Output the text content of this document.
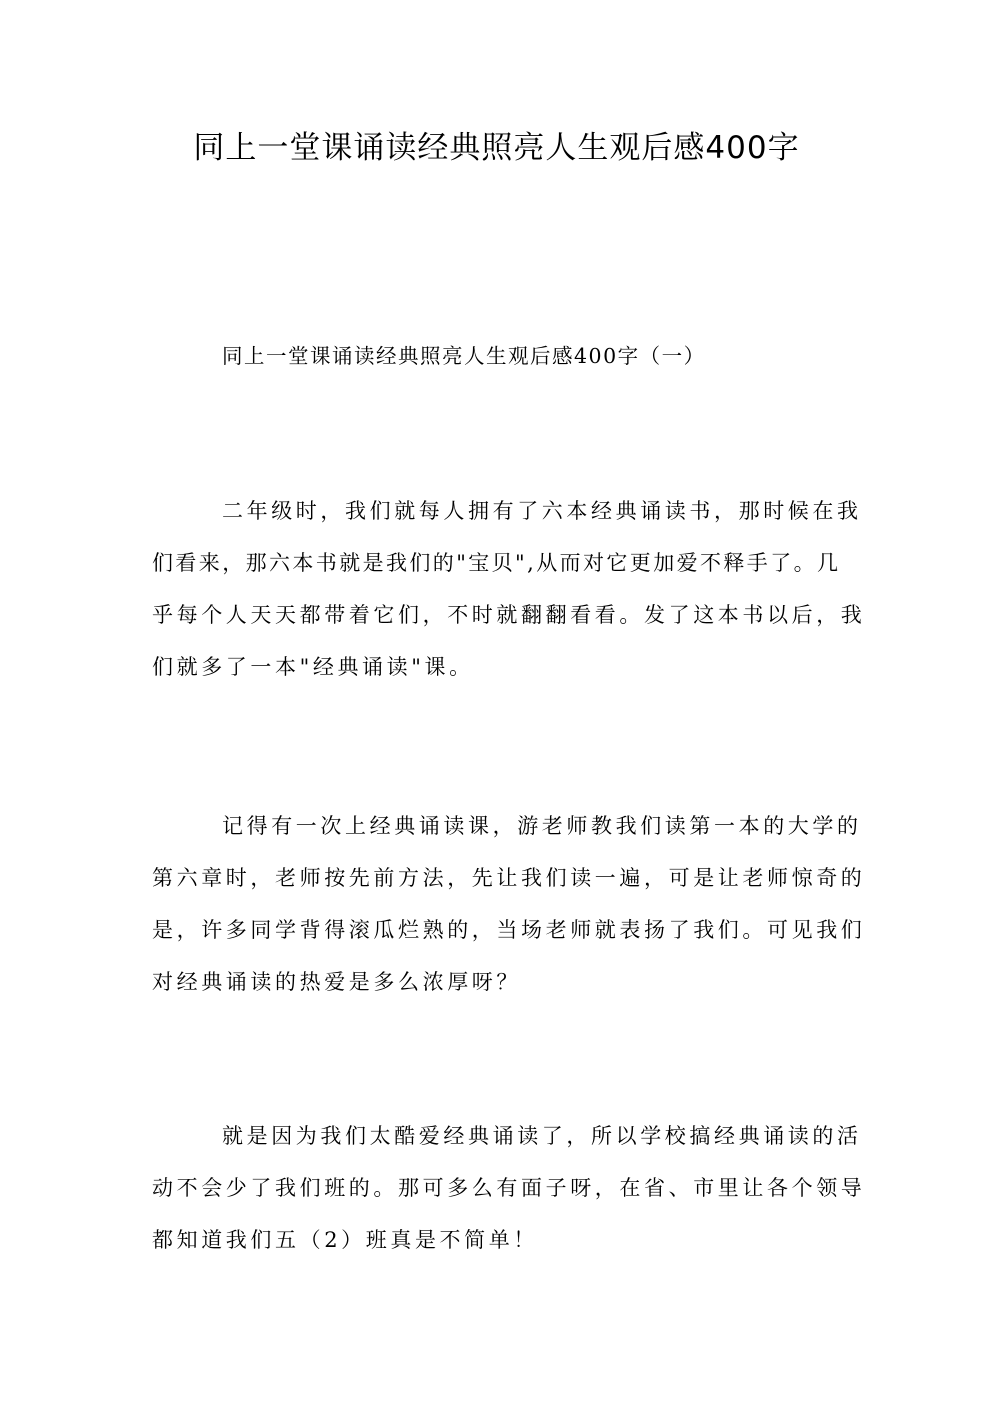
同上一堂课诵读经典照亮人生观后感400字
同上一堂课诵读经典照亮人生观后感400字（一）
二年级时，我们就每人拥有了六本经典诵读书，那时候在我
们看来，那六本书就是我们的"宝贝",从而对它更加爱不释手了。几
乎每个人天天都带着它们，不时就翻翻看看。发了这本书以后，我
们就多了一本"经典诵读"课。
记得有一次上经典诵读课，游老师教我们读第一本的大学的
第六章时，老师按先前方法，先让我们读一遍，可是让老师惊奇的
是，许多同学背得滚瓜烂熟的，当场老师就表扬了我们。可见我们
对经典诵读的热爱是多么浓厚呀？
就是因为我们太酷爱经典诵读了，所以学校搞经典诵读的活
动不会少了我们班的。那可多么有面子呀，在省、市里让各个领导
都知道我们五（2）班真是不简单！
